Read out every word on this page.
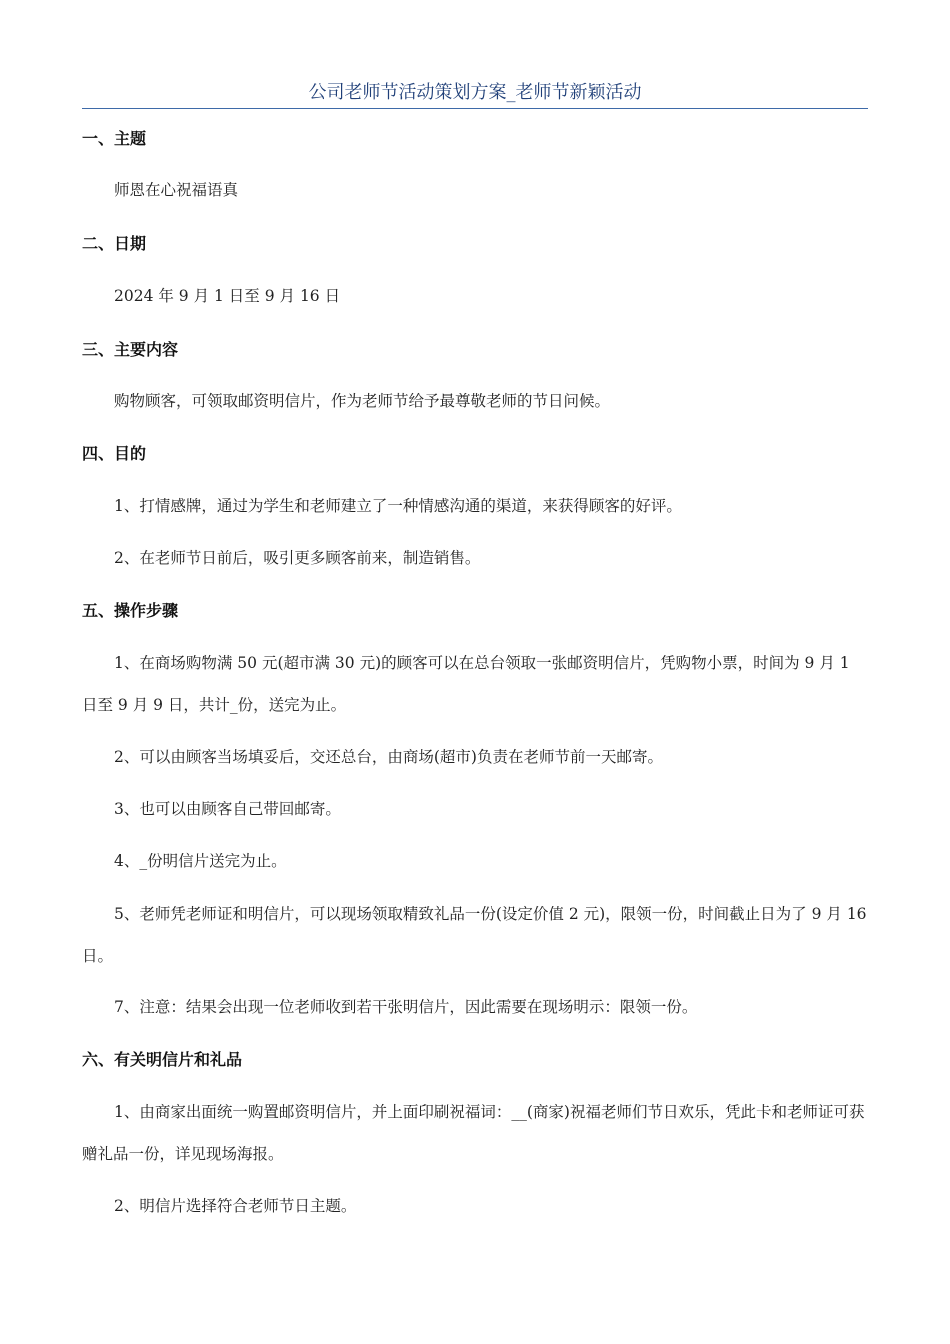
公司老师节活动策划方案_老师节新颖活动
一、主题

师恩在心祝福语真

二、日期

2024 年 9 月 1 日至 9 月 16 日

三、主要内容

购物顾客，可领取邮资明信片，作为老师节给予最尊敬老师的节日问候。

四、目的

1、打情感牌，通过为学生和老师建立了一种情感沟通的渠道，来获得顾客的好评。

2、在老师节日前后，吸引更多顾客前来，制造销售。

五、操作步骤

1、在商场购物满 50 元(超市满 30 元)的顾客可以在总台领取一张邮资明信片，凭购物小票，时间为 9 月 1 日至 9 月 9 日，共计_份，送完为止。

2、可以由顾客当场填妥后，交还总台，由商场(超市)负责在老师节前一天邮寄。

3、也可以由顾客自己带回邮寄。

4、_份明信片送完为止。

5、老师凭老师证和明信片，可以现场领取精致礼品一份(设定价值 2 元)，限领一份，时间截止日为了 9 月 16 日。

7、注意：结果会出现一位老师收到若干张明信片，因此需要在现场明示：限领一份。

六、有关明信片和礼品

1、由商家出面统一购置邮资明信片，并上面印刷祝福词：__(商家)祝福老师们节日欢乐，凭此卡和老师证可获赠礼品一份，详见现场海报。

2、明信片选择符合老师节日主题。
